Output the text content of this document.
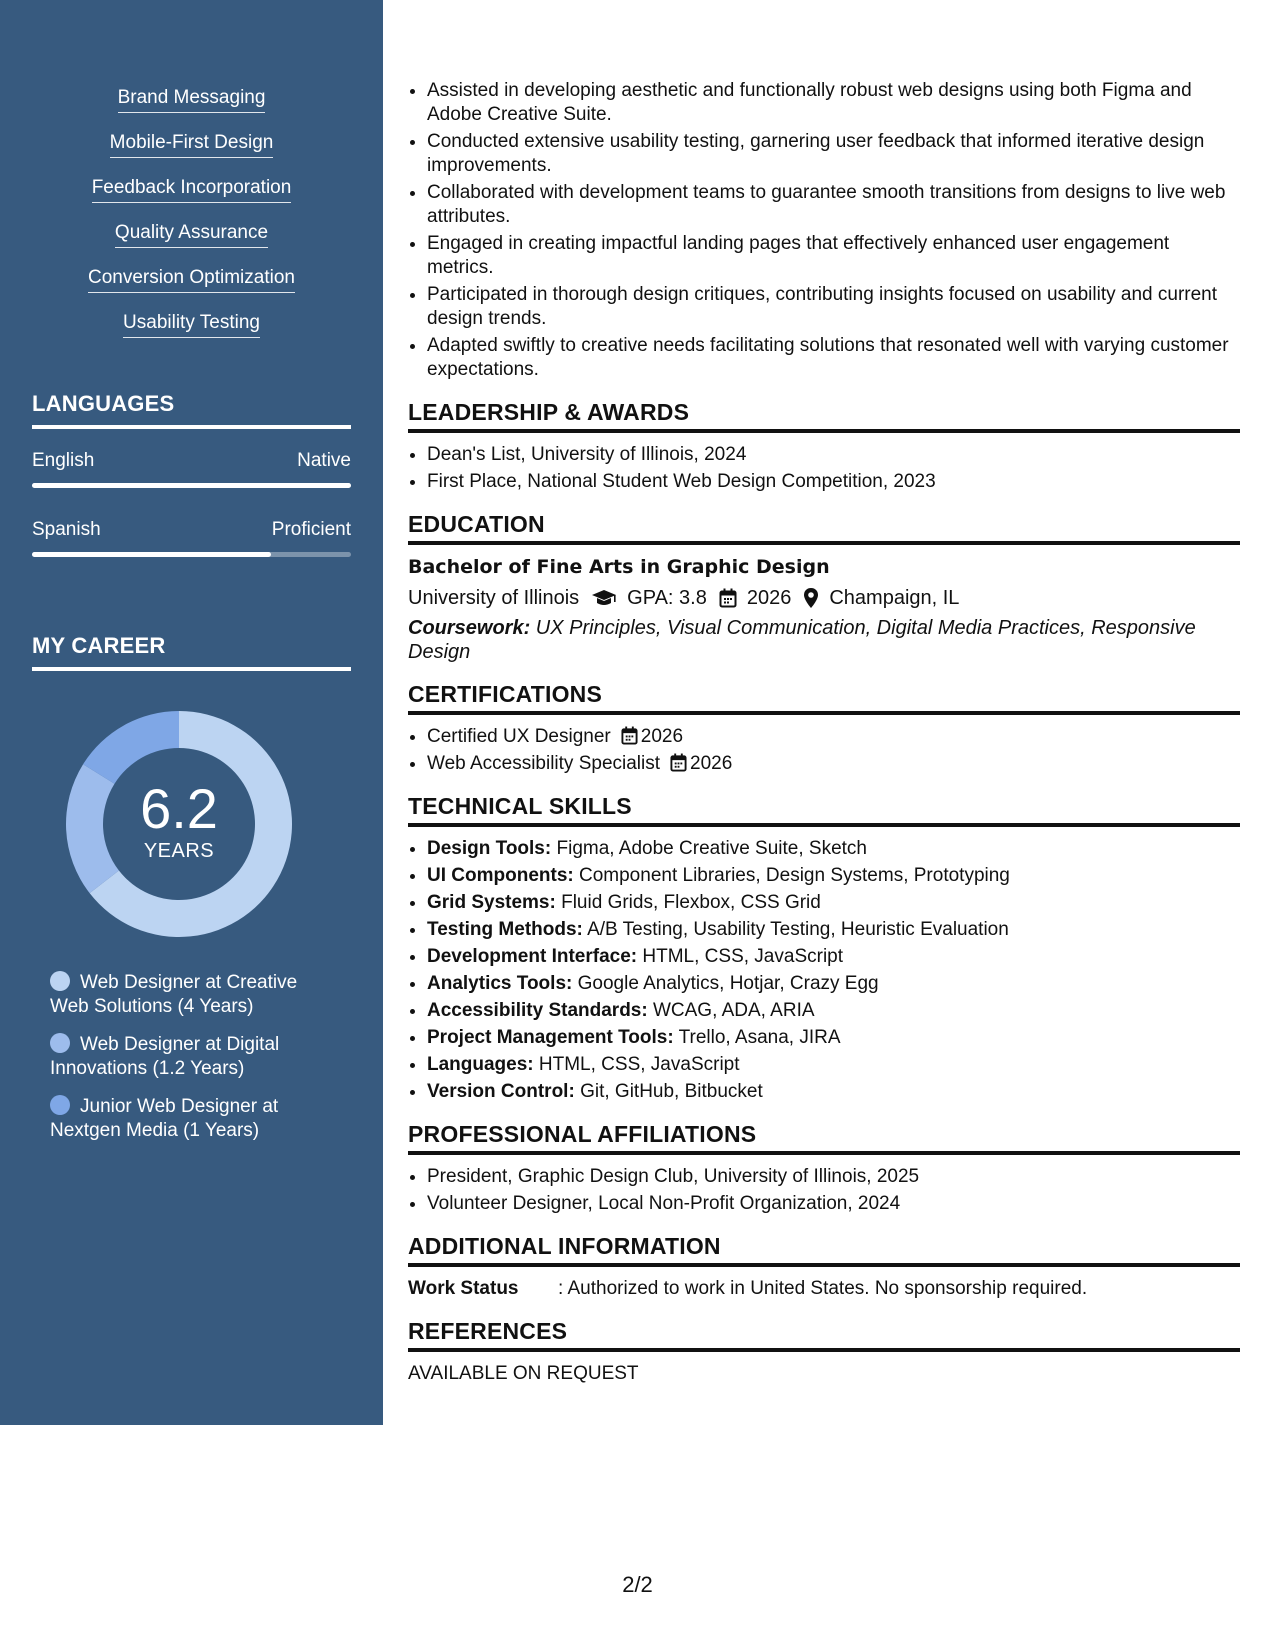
Brand Messaging
Mobile-First Design
Feedback Incorporation
Quality Assurance
Conversion Optimization
Usability Testing
LANGUAGES
English	Native
Spanish	Proficient
MY CAREER
6.2
YEARS
Web Designer at Creative Web Solutions (4 Years)
Web Designer at Digital Innovations (1.2 Years)
Junior Web Designer at Nextgen Media (1 Years)
• Assisted in developing aesthetic and functionally robust web designs using both Figma and Adobe Creative Suite.
• Conducted extensive usability testing, garnering user feedback that informed iterative design improvements.
• Collaborated with development teams to guarantee smooth transitions from designs to live web attributes.
• Engaged in creating impactful landing pages that effectively enhanced user engagement metrics.
• Participated in thorough design critiques, contributing insights focused on usability and current design trends.
• Adapted swiftly to creative needs facilitating solutions that resonated well with varying customer expectations.
LEADERSHIP & AWARDS
• Dean's List, University of Illinois, 2024
• First Place, National Student Web Design Competition, 2023
EDUCATION
Bachelor of Fine Arts in Graphic Design
University of Illinois GPA: 3.8 2026 Champaign, IL
Coursework: UX Principles, Visual Communication, Digital Media Practices, Responsive Design
CERTIFICATIONS
• Certified UX Designer 2026
• Web Accessibility Specialist 2026
TECHNICAL SKILLS
• Design Tools: Figma, Adobe Creative Suite, Sketch
• UI Components: Component Libraries, Design Systems, Prototyping
• Grid Systems: Fluid Grids, Flexbox, CSS Grid
• Testing Methods: A/B Testing, Usability Testing, Heuristic Evaluation
• Development Interface: HTML, CSS, JavaScript
• Analytics Tools: Google Analytics, Hotjar, Crazy Egg
• Accessibility Standards: WCAG, ADA, ARIA
• Project Management Tools: Trello, Asana, JIRA
• Languages: HTML, CSS, JavaScript
• Version Control: Git, GitHub, Bitbucket
PROFESSIONAL AFFILIATIONS
• President, Graphic Design Club, University of Illinois, 2025
• Volunteer Designer, Local Non-Profit Organization, 2024
ADDITIONAL INFORMATION
Work Status	: Authorized to work in United States. No sponsorship required.
REFERENCES
AVAILABLE ON REQUEST
2/2
